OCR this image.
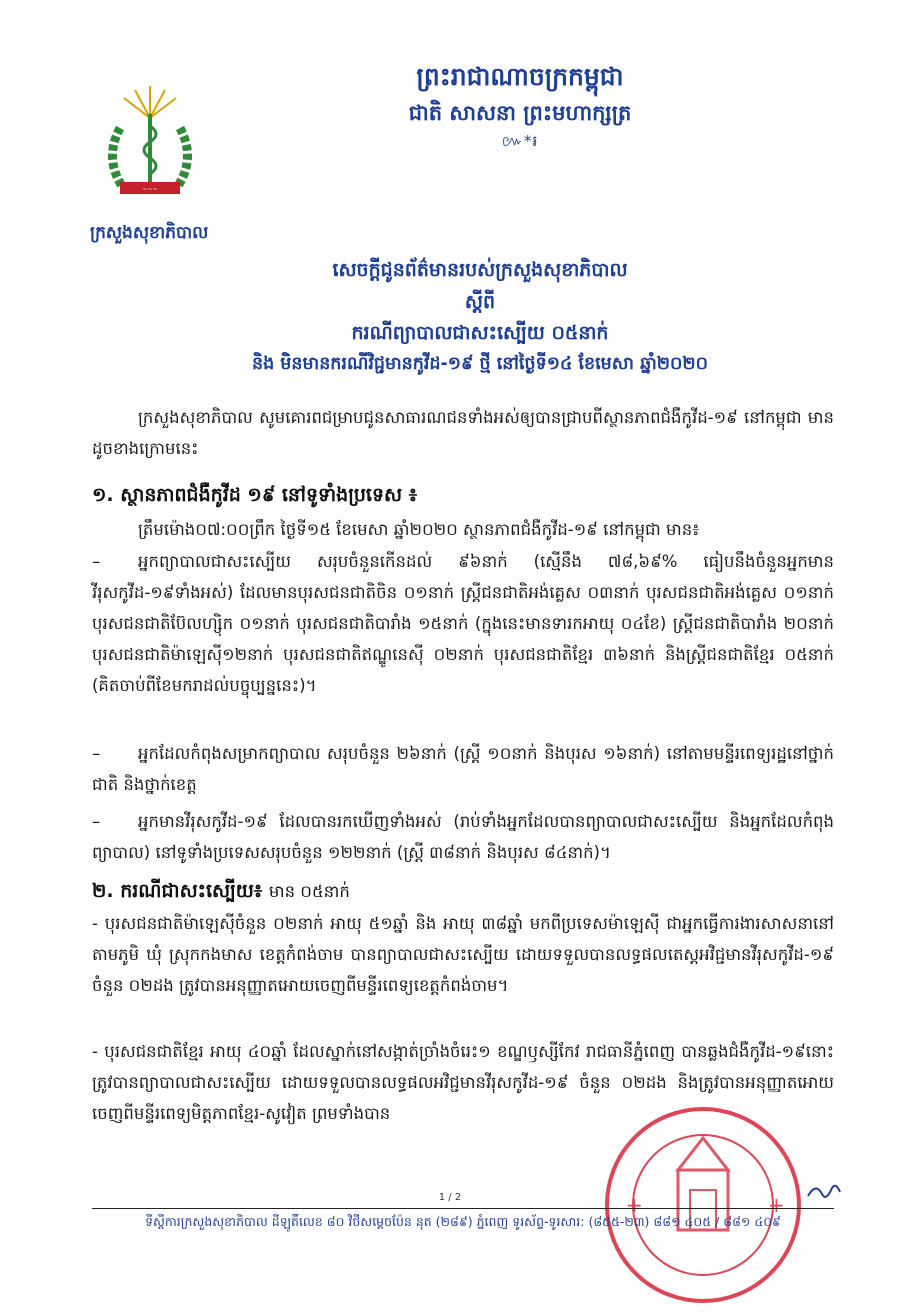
~~~
ក្រសួងសុខាភិបាល
ព្រះរាជាណាចក្រកម្ពុជា
ជាតិ សាសនា ព្រះមហាក្សត្រ
៚*៛
សេចក្ដីជូនព័ត៌មានរបស់ក្រសួងសុខាភិបាល
ស្ដីពី
ករណីព្យាបាលជាសះស្បើយ ០៥នាក់
និង មិនមានករណីវិជ្ជមានកូវីដ-១៩ ថ្មី នៅថ្ងៃទី១៤ ខែមេសា ឆ្នាំ២០២០
ក្រសួងសុខាភិបាល សូមគោរពជម្រាបជូនសាធារណជនទាំងអស់ឲ្យបានជ្រាបពីស្ថានភាពជំងឺកូវីដ-១៩ នៅកម្ពុជា មានដូចខាងក្រោមនេះ
១. ស្ថានភាពជំងឺកូវីដ ១៩ នៅទូទាំងប្រទេស ៖
ត្រឹមម៉ោង០៧:០០ព្រឹក ថ្ងៃទី១៥ ខែមេសា ឆ្នាំ២០២០ ស្ថានភាពជំងឺកូវីដ-១៩ នៅកម្ពុជា មាន៖
–	អ្នកព្យាបាលជាសះស្បើយ សរុបចំនួនកើនដល់ ៩៦នាក់ (ស្មើនឹង ៧៨,៦៩% ធៀបនឹងចំនួនអ្នកមានវីរុសកូវីដ-១៩ទាំងអស់) ដែលមានបុរសជនជាតិចិន ០១នាក់ ស្ត្រីជនជាតិអង់គ្លេស ០៣នាក់ បុរសជនជាតិអង់គ្លេស ០១នាក់ បុរសជនជាតិប៊ែលហ្ស៊ិក ០១នាក់ បុរសជនជាតិបារាំង ១៥នាក់ (ក្នុងនេះមានទារកអាយុ ០៤ខែ) ស្ត្រីជនជាតិបារាំង ២០នាក់ បុរសជនជាតិម៉ាឡេស៊ី១២នាក់ បុរសជនជាតិឥណ្ឌូនេស៊ី ០២នាក់ បុរសជនជាតិខ្មែរ ៣៦នាក់ និងស្ត្រីជនជាតិខ្មែរ ០៥នាក់ (គិតចាប់ពីខែមករាដល់បច្ចុប្បន្ននេះ)។
–	អ្នកដែលកំពុងសម្រាកព្យាបាល សរុបចំនួន ២៦នាក់ (ស្ត្រី ១០នាក់ និងបុរស ១៦នាក់) នៅតាមមន្ទីរពេទ្យរដ្ឋនៅថ្នាក់ជាតិ និងថ្នាក់ខេត្ត
–	អ្នកមានវីរុសកូវីដ-១៩ ដែលបានរកឃើញទាំងអស់ (រាប់ទាំងអ្នកដែលបានព្យាបាលជាសះស្បើយ និងអ្នកដែលកំពុងព្យាបាល) នៅទូទាំងប្រទេសសរុបចំនួន ១២២នាក់ (ស្ត្រី ៣៨នាក់ និងបុរស ៨៤នាក់)។
២. ករណីជាសះស្បើយ៖ មាន ០៥នាក់
- បុរសជនជាតិម៉ាឡេស៊ីចំនួន ០២នាក់ អាយុ ៥១ឆ្នាំ និង អាយុ ៣៨ឆ្នាំ មកពីប្រទេសម៉ាឡេស៊ី ជាអ្នកធ្វើការងារសាសនានៅតាមភូមិ ឃុំ ស្រុកកងមាស ខេត្តកំពង់ចាម បានព្យាបាលជាសះស្បើយ ដោយទទួលបានលទ្ធផលតេស្តអវិជ្ជមានវីរុសកូវីដ-១៩ ចំនួន ០២ដង ត្រូវបានអនុញ្ញាតអោយចេញពីមន្ទីរពេទ្យខេត្តកំពង់ចាម។
- បុរសជនជាតិខ្មែរ អាយុ ៤០ឆ្នាំ ដែលស្នាក់នៅសង្កាត់ច្រាំងចំរេះ១ ខណ្ឌឫស្សីកែវ រាជធានីភ្នំពេញ បានឆ្លងជំងឺកូវីដ-១៩នោះ ត្រូវបានព្យាបាលជាសះស្បើយ ដោយទទួលបានលទ្ធផលអវិជ្ជមានវីរុសកូវីដ-១៩ ចំនួន ០២ដង និងត្រូវបានអនុញ្ញាតអោយចេញពីមន្ទីរពេទ្យមិត្តភាពខ្មែរ-សូវៀត ព្រមទាំងបាន
+	+
1 / 2
ទីស្ដីការក្រសួងសុខាភិបាល ដីឡូតិ៍លេខ ៨០ វិថីសម្ដេចប៉ែន នុត (២៨៩) ភ្នំពេញ ទូរស័ព្ទ-ទូរសារ: (៨៥៥-២៣) ៨៨១ ៤០៥ / ៨៨១ ៤០៩
